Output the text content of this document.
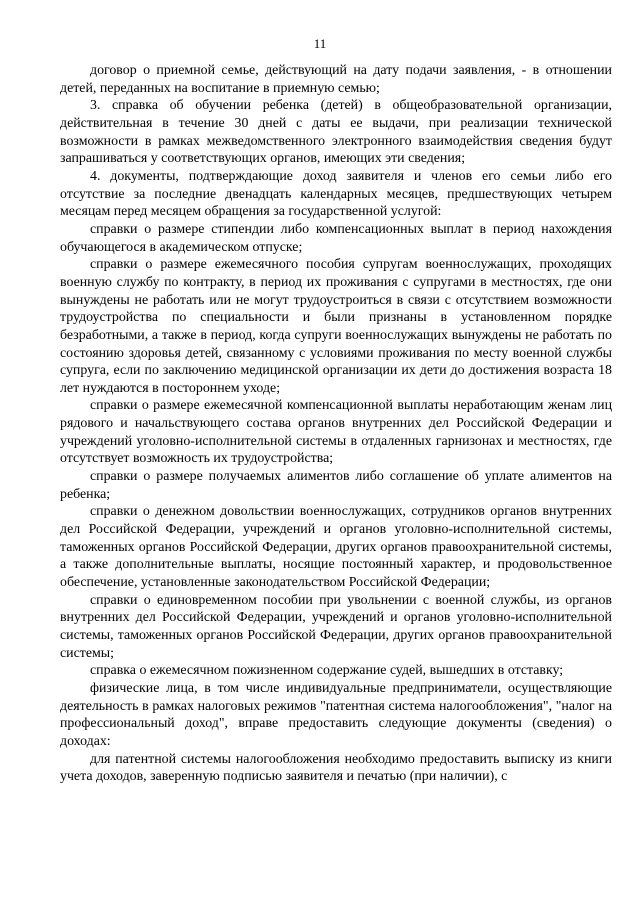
11

договор о приемной семье, действующий на дату подачи заявления, - в отношении детей, переданных на воспитание в приемную семью;

3. справка об обучении ребенка (детей) в общеобразовательной организации, действительная в течение 30 дней с даты ее выдачи, при реализации технической возможности в рамках межведомственного электронного взаимодействия сведения будут запрашиваться у соответствующих органов, имеющих эти сведения;

4. документы, подтверждающие доход заявителя и членов его семьи либо его отсутствие за последние двенадцать календарных месяцев, предшествующих четырем месяцам перед месяцем обращения за государственной услугой:

справки о размере стипендии либо компенсационных выплат в период нахождения обучающегося в академическом отпуске;

справки о размере ежемесячного пособия супругам военнослужащих, проходящих военную службу по контракту, в период их проживания с супругами в местностях, где они вынуждены не работать или не могут трудоустроиться в связи с отсутствием возможности трудоустройства по специальности и были признаны в установленном порядке безработными, а также в период, когда супруги военнослужащих вынуждены не работать по состоянию здоровья детей, связанному с условиями проживания по месту военной службы супруга, если по заключению медицинской организации их дети до достижения возраста 18 лет нуждаются в постороннем уходе;

справки о размере ежемесячной компенсационной выплаты неработающим женам лиц рядового и начальствующего состава органов внутренних дел Российской Федерации и учреждений уголовно-исполнительной системы в отдаленных гарнизонах и местностях, где отсутствует возможность их трудоустройства;

справки о размере получаемых алиментов либо соглашение об уплате алиментов на ребенка;

справки о денежном довольствии военнослужащих, сотрудников органов внутренних дел Российской Федерации, учреждений и органов уголовно-исполнительной системы, таможенных органов Российской Федерации, других органов правоохранительной системы, а также дополнительные выплаты, носящие постоянный характер, и продовольственное обеспечение, установленные законодательством Российской Федерации;

справки о единовременном пособии при увольнении с военной службы, из органов внутренних дел Российской Федерации, учреждений и органов уголовно-исполнительной системы, таможенных органов Российской Федерации, других органов правоохранительной системы;

справка о ежемесячном пожизненном содержание судей, вышедших в отставку;

физические лица, в том числе индивидуальные предприниматели, осуществляющие деятельность в рамках налоговых режимов "патентная система налогообложения", "налог на профессиональный доход", вправе предоставить следующие документы (сведения) о доходах:

для патентной системы налогообложения необходимо предоставить выписку из книги учета доходов, заверенную подписью заявителя и печатью (при наличии), с
